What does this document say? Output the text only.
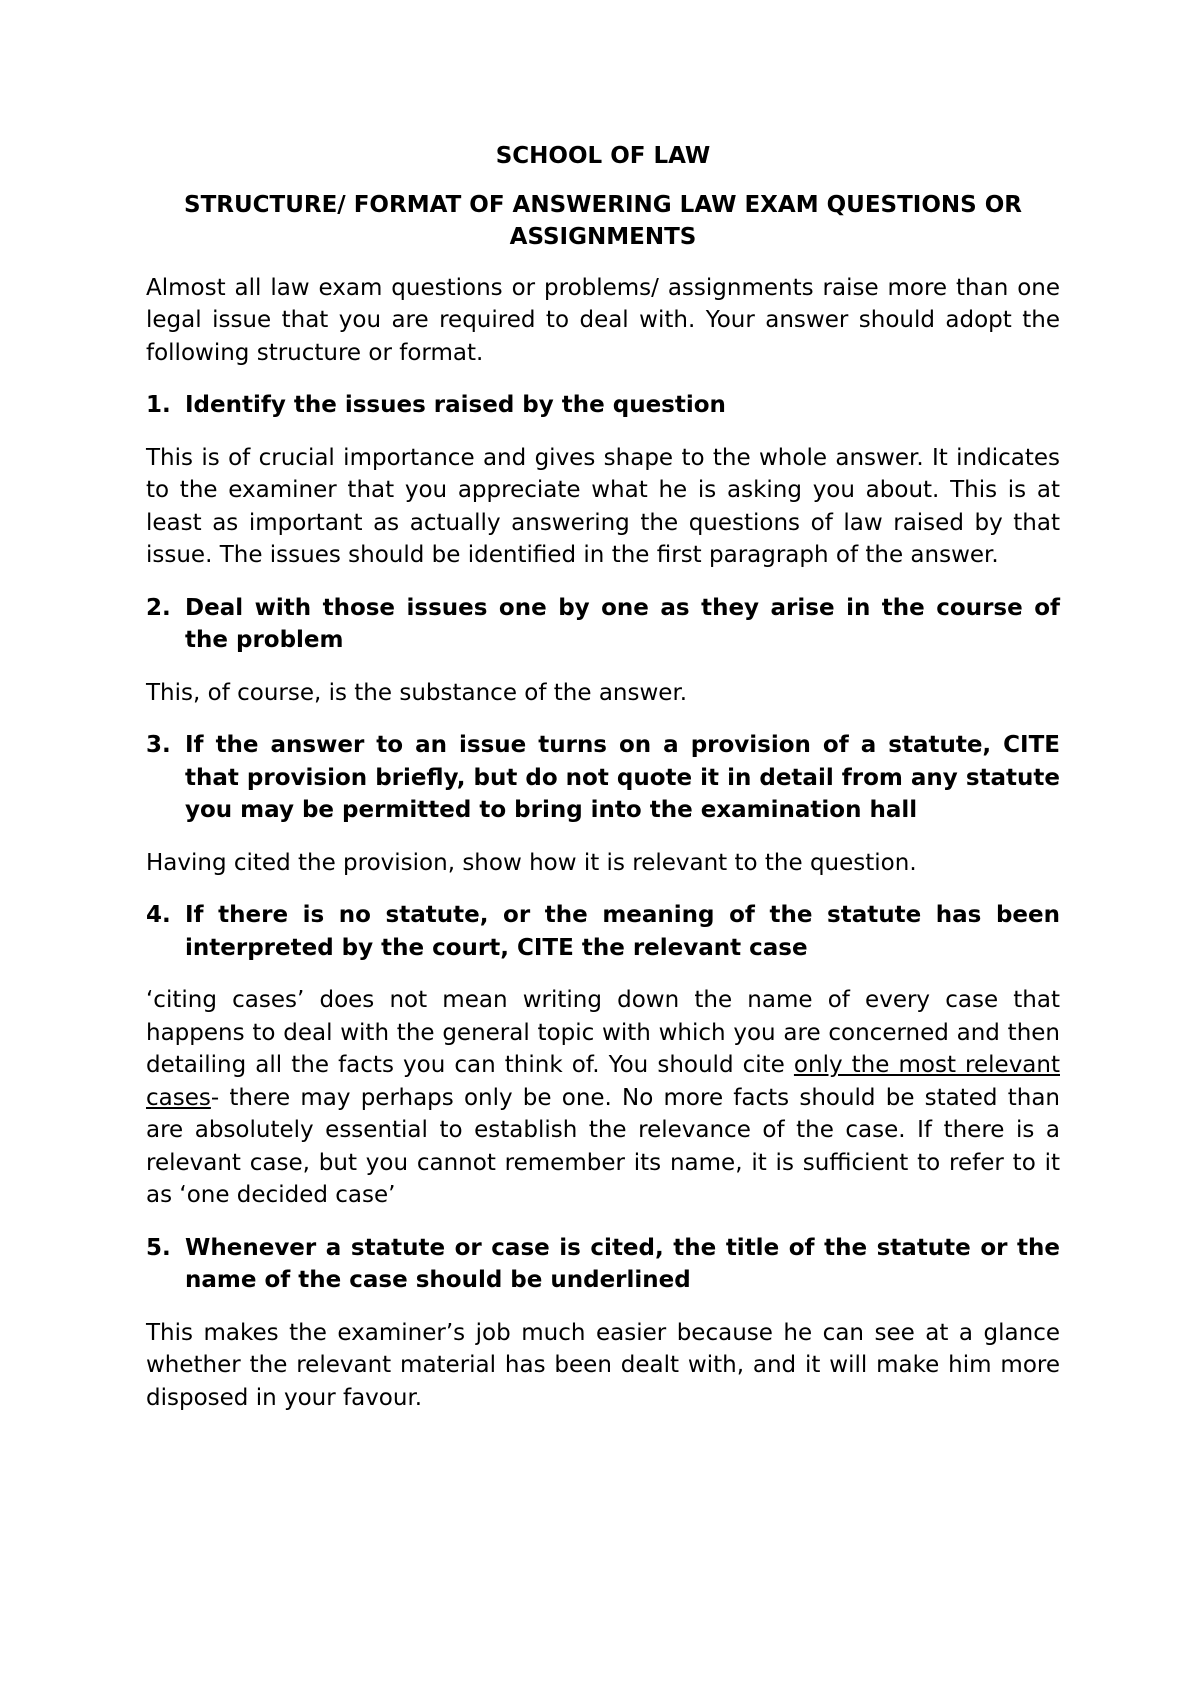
SCHOOL OF LAW
STRUCTURE/ FORMAT OF ANSWERING LAW EXAM QUESTIONS OR ASSIGNMENTS

Almost all law exam questions or problems/ assignments raise more than one legal issue that you are required to deal with. Your answer should adopt the following structure or format.

1. Identify the issues raised by the question

This is of crucial importance and gives shape to the whole answer. It indicates to the examiner that you appreciate what he is asking you about. This is at least as important as actually answering the questions of law raised by that issue. The issues should be identified in the first paragraph of the answer.

2. Deal with those issues one by one as they arise in the course of the problem

This, of course, is the substance of the answer.

3. If the answer to an issue turns on a provision of a statute, CITE that provision briefly, but do not quote it in detail from any statute you may be permitted to bring into the examination hall

Having cited the provision, show how it is relevant to the question.

4. If there is no statute, or the meaning of the statute has been interpreted by the court, CITE the relevant case

‘citing cases’ does not mean writing down the name of every case that happens to deal with the general topic with which you are concerned and then detailing all the facts you can think of. You should cite only the most relevant cases- there may perhaps only be one. No more facts should be stated than are absolutely essential to establish the relevance of the case. If there is a relevant case, but you cannot remember its name, it is sufficient to refer to it as ‘one decided case’

5. Whenever a statute or case is cited, the title of the statute or the name of the case should be underlined

This makes the examiner’s job much easier because he can see at a glance whether the relevant material has been dealt with, and it will make him more disposed in your favour.
